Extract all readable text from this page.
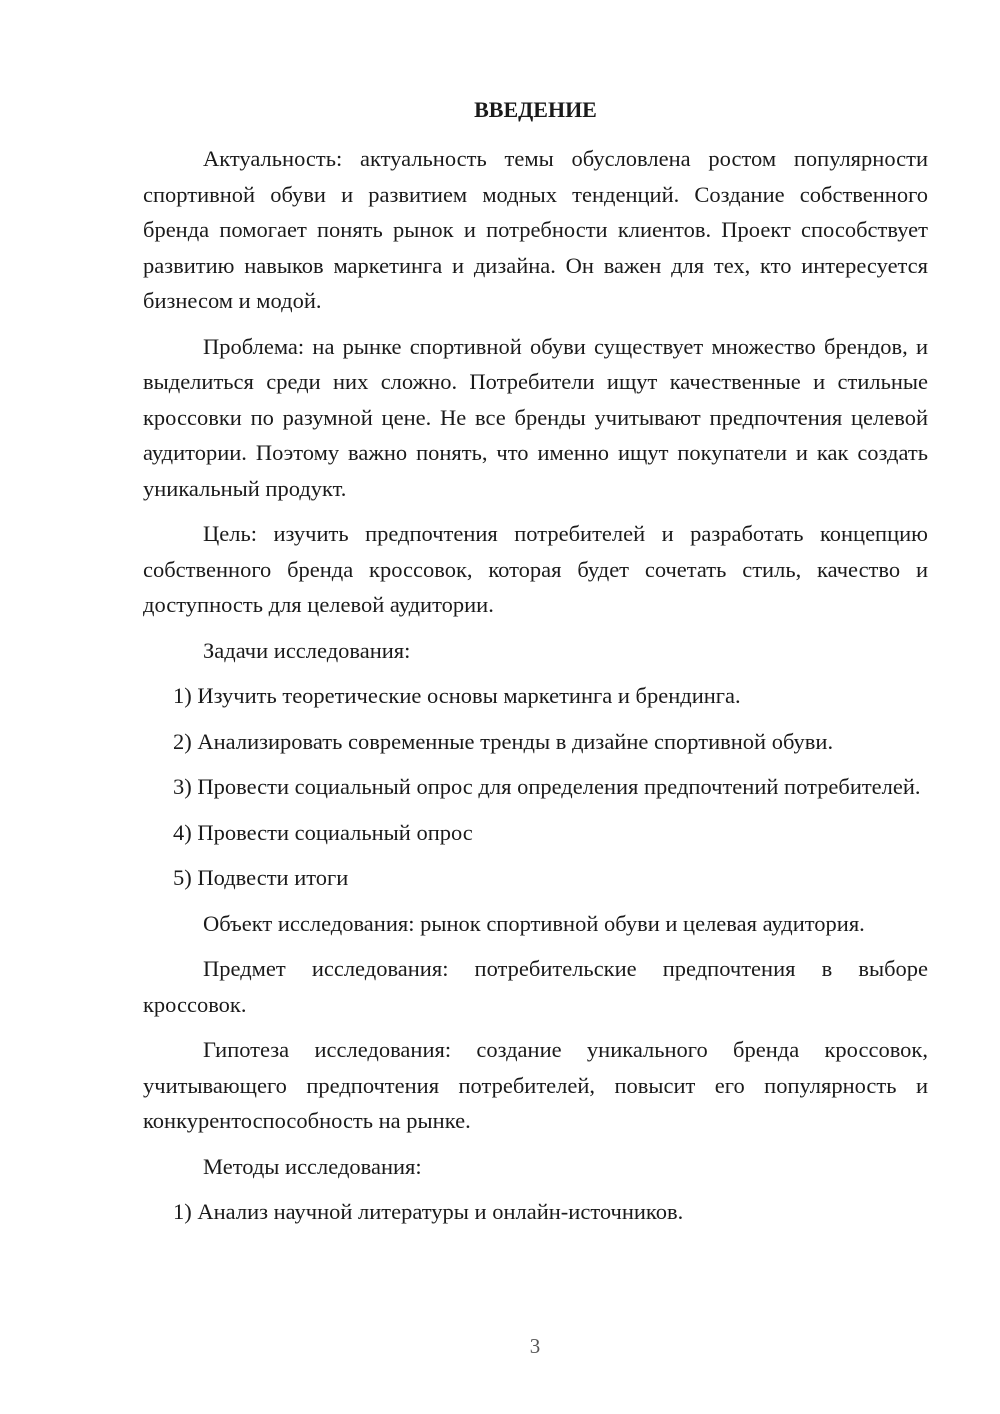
ВВЕДЕНИЕ
Актуальность: актуальность темы обусловлена ростом популярности спортивной обуви и развитием модных тенденций. Создание собственного бренда помогает понять рынок и потребности клиентов. Проект способствует развитию навыков маркетинга и дизайна. Он важен для тех, кто интересуется бизнесом и модой.
Проблема: на рынке спортивной обуви существует множество брендов, и выделиться среди них сложно. Потребители ищут качественные и стильные кроссовки по разумной цене. Не все бренды учитывают предпочтения целевой аудитории. Поэтому важно понять, что именно ищут покупатели и как создать уникальный продукт.
Цель: изучить предпочтения потребителей и разработать концепцию собственного бренда кроссовок, которая будет сочетать стиль, качество и доступность для целевой аудитории.
Задачи исследования:
1) Изучить теоретические основы маркетинга и брендинга.
2) Анализировать современные тренды в дизайне спортивной обуви.
3) Провести социальный опрос для определения предпочтений потребителей.
4) Провести социальный опрос
5) Подвести итоги
Объект исследования: рынок спортивной обуви и целевая аудитория.
Предмет исследования: потребительские предпочтения в выборе кроссовок.
Гипотеза исследования: создание уникального бренда кроссовок, учитывающего предпочтения потребителей, повысит его популярность и конкурентоспособность на рынке.
Методы исследования:
1) Анализ научной литературы и онлайн-источников.
3
